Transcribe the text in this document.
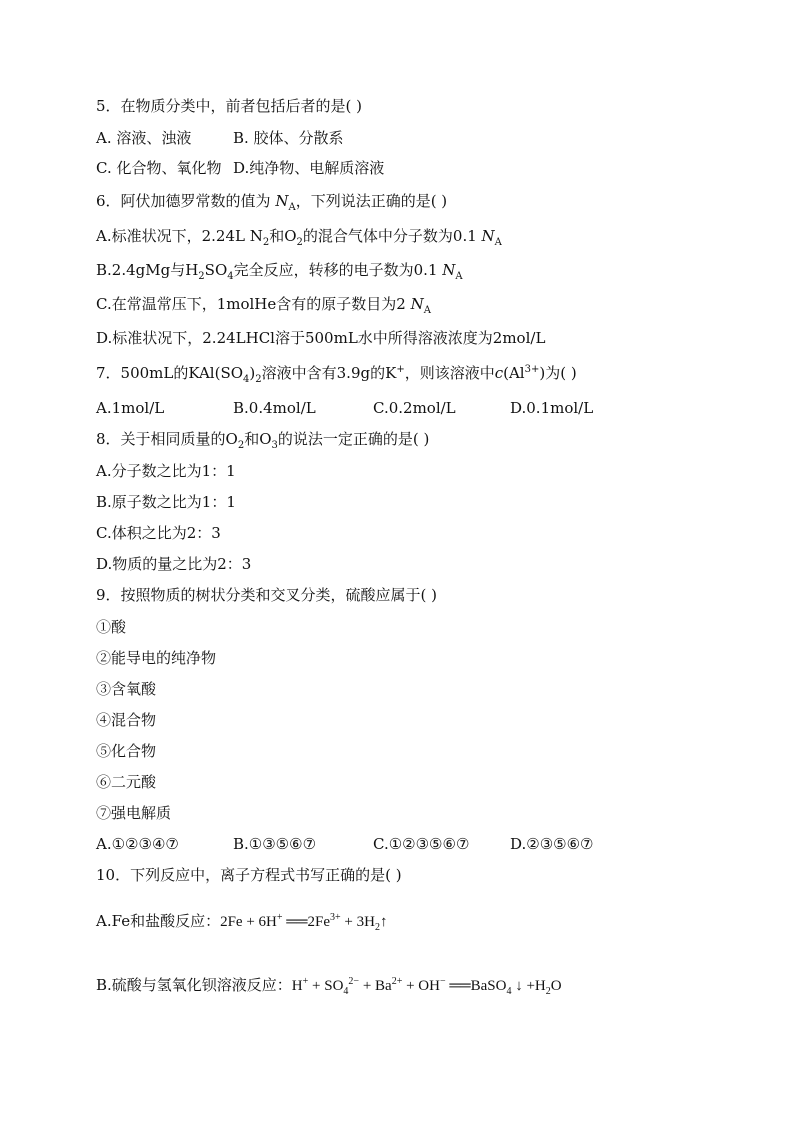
5．在物质分类中，前者包括后者的是( )
A. 溶液、浊液	B. 胶体、分散系
C. 化合物、氧化物 D.纯净物、电解质溶液
6．阿伏加德罗常数的值为 $N_A$，下列说法正确的是( )
A.标准状况下，2.24L $N_2$和$O_2$的混合气体中分子数为0.1 $N_A$
B.2.4gMg与$H_2SO_4$完全反应，转移的电子数为0.1 $N_A$
C.在常温常压下，1molHe含有的原子数目为2 $N_A$
D.标准状况下，2.24LHCl溶于500mL水中所得溶液浓度为2mol/L
7．500mL的$KAl(SO_4)_2$溶液中含有3.9g的K+，则该溶液中$c(Al^{3+})$为( )
A.1mol/L	B.0.4mol/L	C.0.2mol/L	D.0.1mol/L
8．关于相同质量的$O_2$和$O_3$的说法一定正确的是( )
A.分子数之比为1：1
B.原子数之比为1：1
C.体积之比为2：3
D.物质的量之比为2：3
9．按照物质的树状分类和交叉分类，硫酸应属于( )
①酸
②能导电的纯净物
③含氧酸
④混合物
⑤化合物
⑥二元酸
⑦强电解质
A.①②③④⑦	B.①③⑤⑥⑦	C.①②③⑤⑥⑦	D.②③⑤⑥⑦
10．下列反应中，离子方程式书写正确的是( )
A.Fe和盐酸反应：2Fe + 6H+ $══2Fe^{3+}$ + $3H_2↑$
B.硫酸与氢氧化钡溶液反应：$H^+ + SO_4^{2-} + Ba^{2+} + OH^-$ ══BaSO$_4$ ↓ $+H_2O$
